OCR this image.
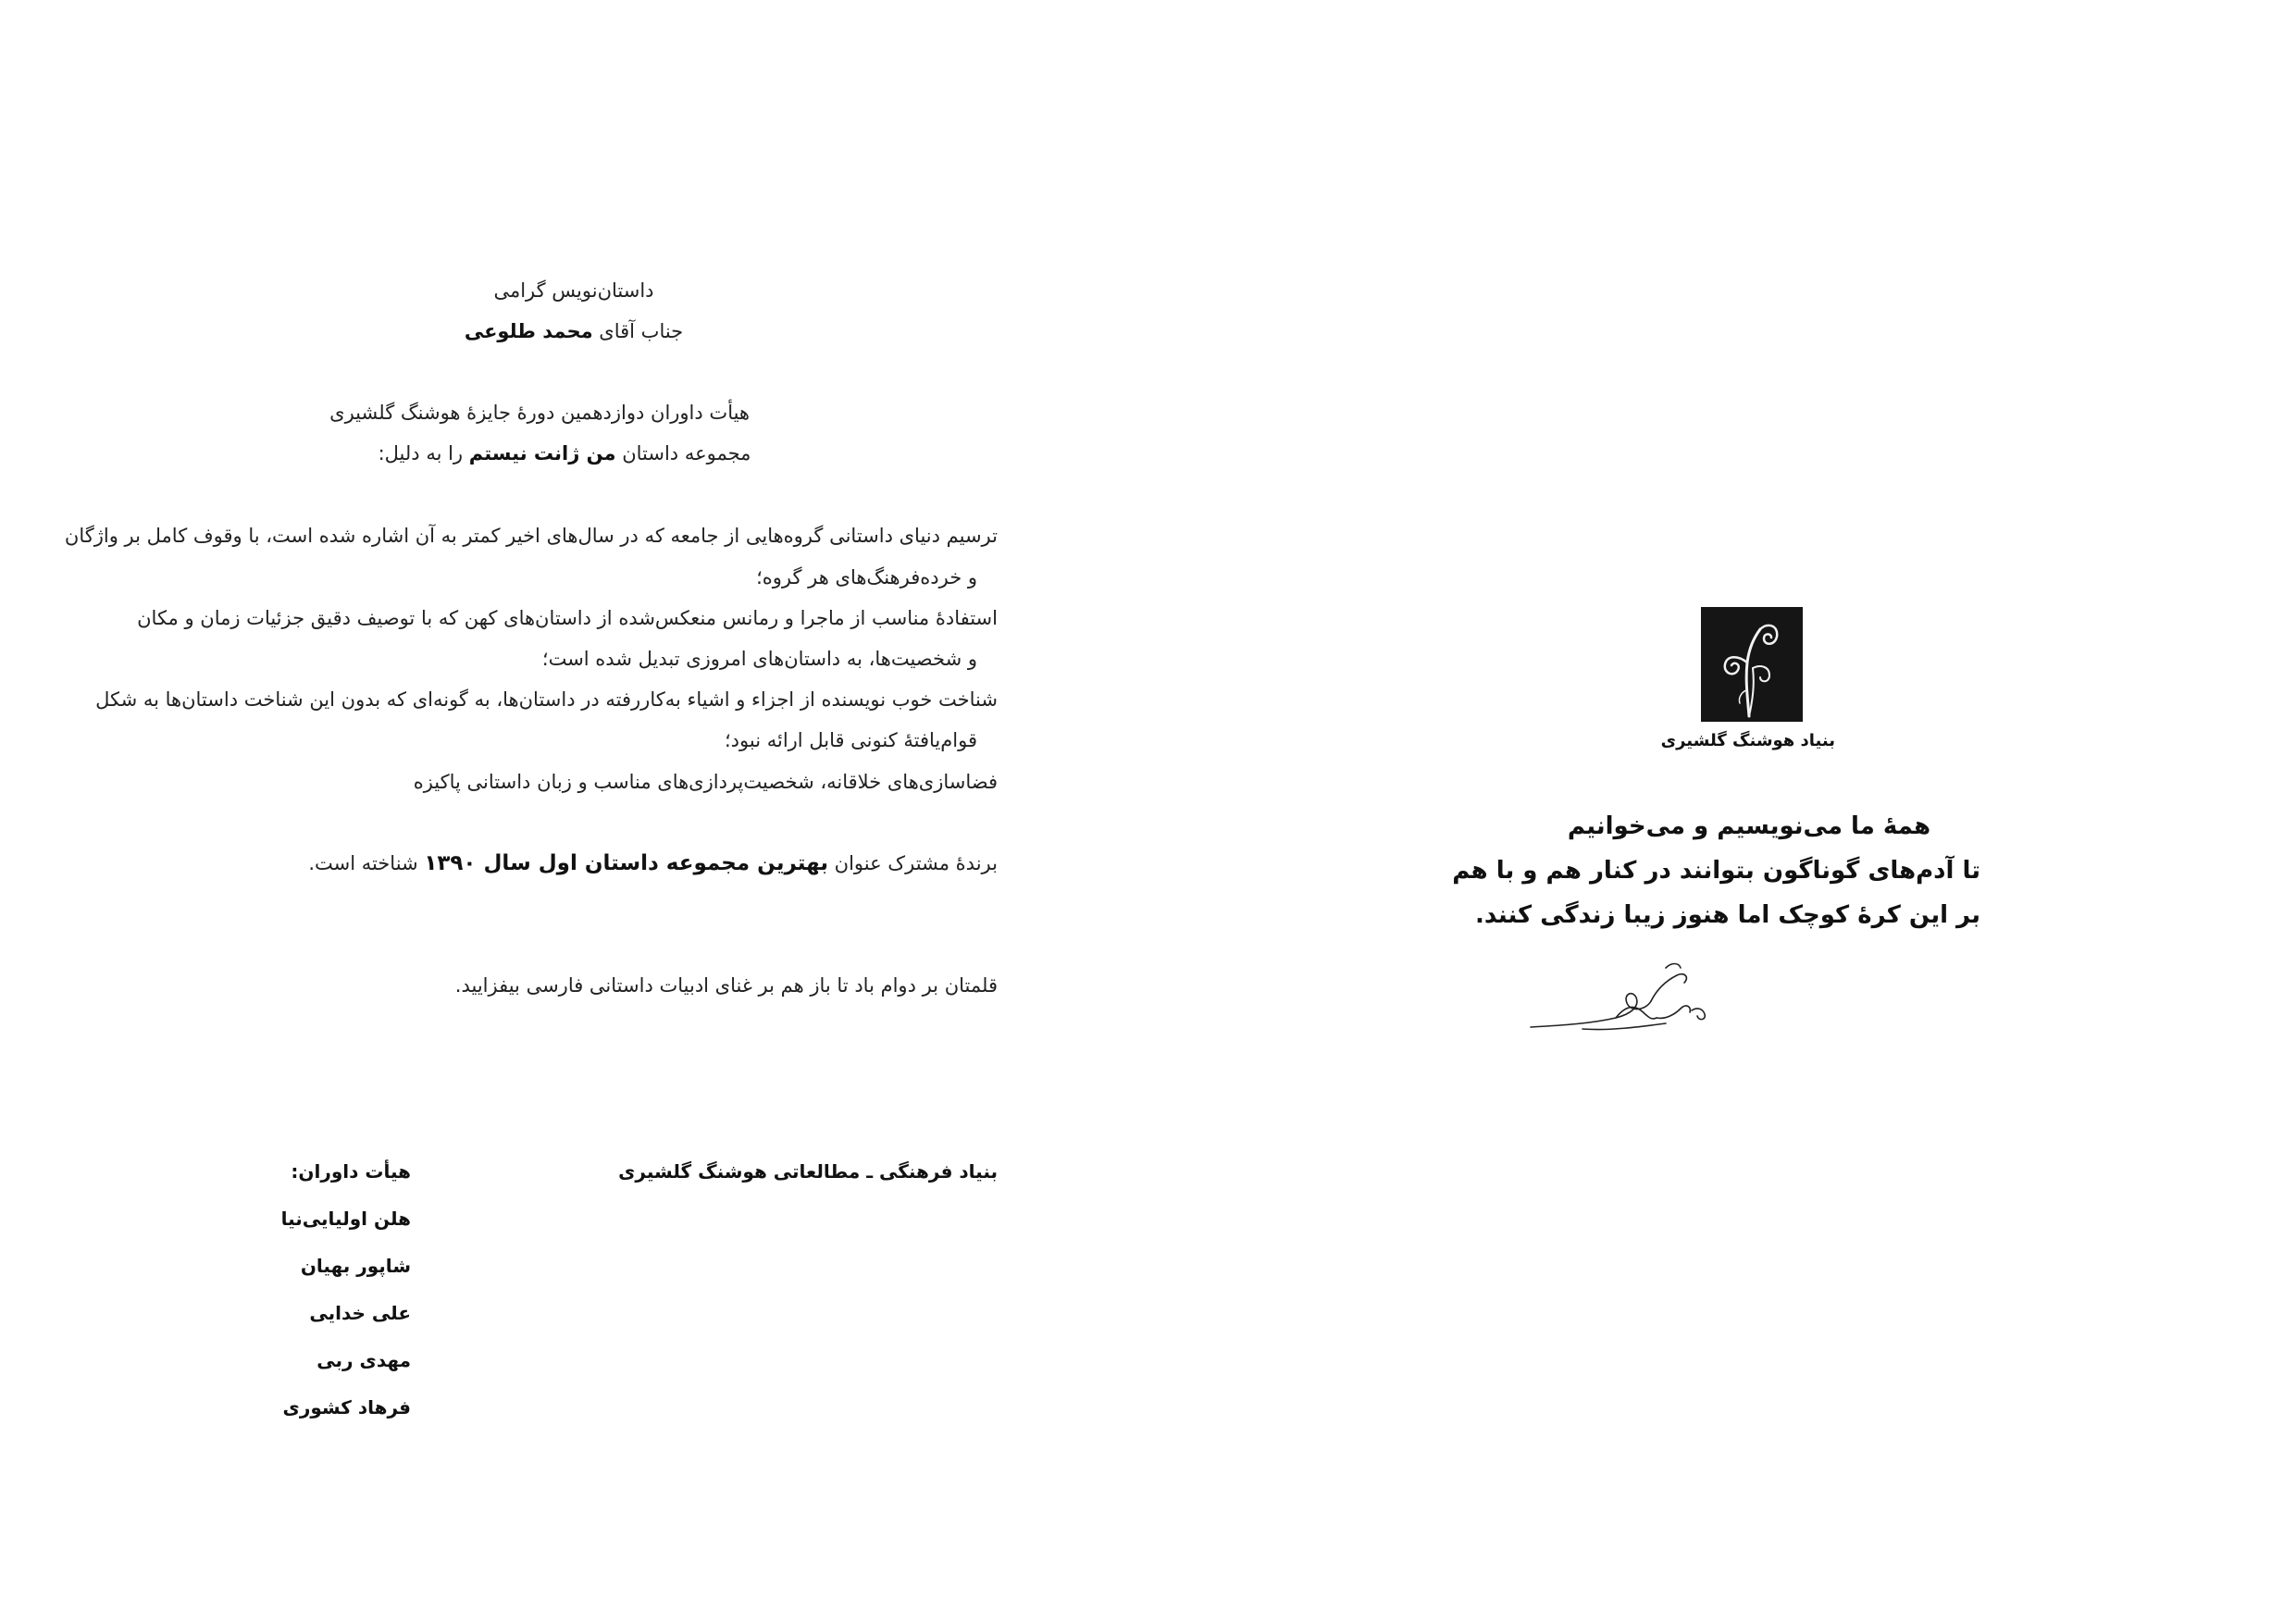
داستان‌نویس گرامی
جناب آقای محمد طلوعی
هیأت داوران دوازدهمین دورهٔ جایزهٔ هوشنگ گلشیری
مجموعه داستان من ژانت نیستم را به دلیل:
ترسیم دنیای داستانی گروه‌هایی از جامعه که در سال‌های اخیر کمتر به آن اشاره شده است، با وقوف کامل بر واژگان
و خرده‌فرهنگ‌های هر گروه؛
استفادهٔ مناسب از ماجرا و رمانس منعکس‌شده از داستان‌های کهن که با توصیف دقیق جزئیات زمان و مکان
و شخصیت‌ها، به داستان‌های امروزی تبدیل شده است؛
شناخت خوب نویسنده از اجزاء و اشیاء به‌کاررفته در داستان‌ها، به گونه‌ای که بدون این شناخت داستان‌ها به شکل
قوام‌یافتهٔ کنونی قابل ارائه نبود؛
فضاسازی‌های خلاقانه، شخصیت‌پردازی‌های مناسب و زبان داستانی پاکیزه
برندهٔ مشترک عنوان بهترین مجموعه داستان اول سال ۱۳۹۰ شناخته است.
قلمتان بر دوام باد تا باز هم بر غنای ادبیات داستانی فارسی بیفزایید.
بنیاد فرهنگی ـ مطالعاتی هوشنگ گلشیری
هیأت داوران:
هلن اولیایی‌نیا
شاپور بهیان
علی خدایی
مهدی ربی
فرهاد کشوری
بنیاد هوشنگ گلشیری
همهٔ ما می‌نویسیم و می‌خوانیم
تا آدم‌های گوناگون بتوانند در کنار هم و با هم
بر این کرهٔ کوچک اما هنوز زیبا زندگی کنند.
